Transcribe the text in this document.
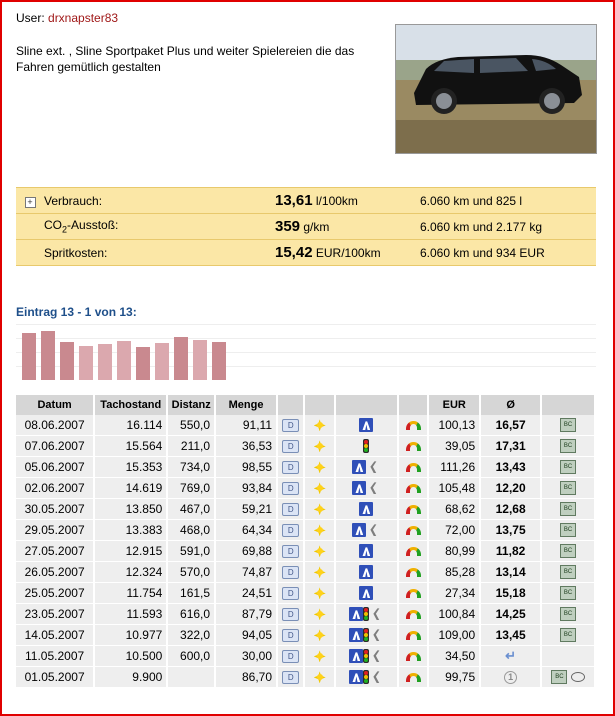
User: drxnapster83
Sline ext. , Sline Sportpaket Plus und weiter Spielereien die das Fahren gemütlich gestalten
+	Verbrauch:	13,61 l/100km	6.060 km und 825 l
	$CO_2$-Ausstoß:	359 g/km	6.060 km und 2.177 kg
	Spritkosten:	15,42 EUR/100km	6.060 km und 934 EUR
Eintrag 13 - 1 von 13:
Datum	Tachostand	Distanz	Menge					EUR	Ø	
08.06.2007	16.114	550,0	91,11	D				100,13	16,57	BC
07.06.2007	15.564	211,0	36,53	D				39,05	17,31	BC
05.06.2007	15.353	734,0	98,55	D				111,26	13,43	BC
02.06.2007	14.619	769,0	93,84	D				105,48	12,20	BC
30.05.2007	13.850	467,0	59,21	D				68,62	12,68	BC
29.05.2007	13.383	468,0	64,34	D				72,00	13,75	BC
27.05.2007	12.915	591,0	69,88	D				80,99	11,82	BC
26.05.2007	12.324	570,0	74,87	D				85,28	13,14	BC
25.05.2007	11.754	161,5	24,51	D				27,34	15,18	BC
23.05.2007	11.593	616,0	87,79	D				100,84	14,25	BC
14.05.2007	10.977	322,0	94,05	D				109,00	13,45	BC
11.05.2007	10.500	600,0	30,00	D				34,50	↵	
01.05.2007	9.900		86,70	D				99,75	1	BC
